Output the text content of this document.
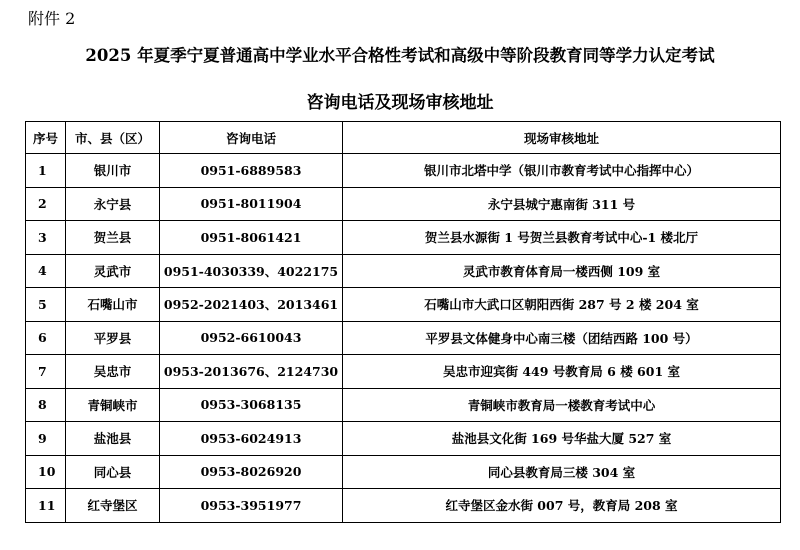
附件 2
2025 年夏季宁夏普通高中学业水平合格性考试和高级中等阶段教育同等学力认定考试
咨询电话及现场审核地址
序号	市、县（区）	咨询电话	现场审核地址
1	银川市	0951-6889583	银川市北塔中学（银川市教育考试中心指挥中心）
2	永宁县	0951-8011904	永宁县城宁惠南街 311 号
3	贺兰县	0951-8061421	贺兰县水源街 1 号贺兰县教育考试中心-1 楼北厅
4	灵武市	0951-4030339、4022175	灵武市教育体育局一楼西侧 109 室
5	石嘴山市	0952-2021403、2013461	石嘴山市大武口区朝阳西街 287 号 2 楼 204 室
6	平罗县	0952-6610043	平罗县文体健身中心南三楼（团结西路 100 号）
7	吴忠市	0953-2013676、2124730	吴忠市迎宾街 449 号教育局 6 楼 601 室
8	青铜峡市	0953-3068135	青铜峡市教育局一楼教育考试中心
9	盐池县	0953-6024913	盐池县文化街 169 号华盐大厦 527 室
10	同心县	0953-8026920	同心县教育局三楼 304 室
11	红寺堡区	0953-3951977	红寺堡区金水街 007 号，教育局 208 室
